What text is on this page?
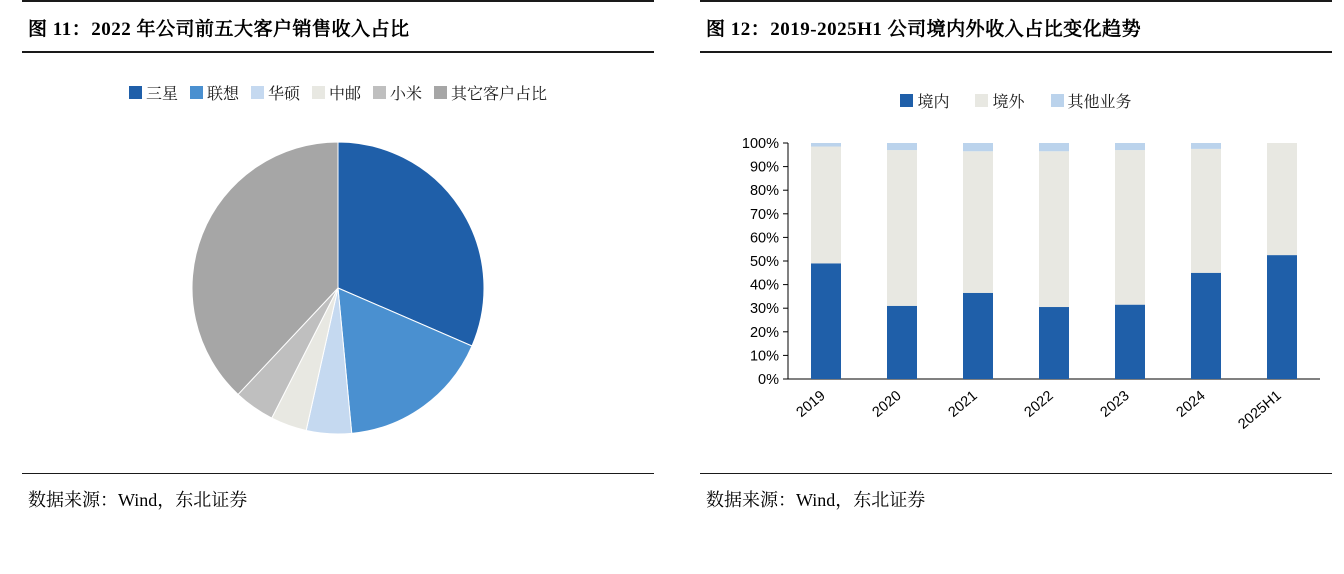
图 11：2022 年公司前五大客户销售收入占比
三星 联想 华硕 中邮 小米 其它客户占比
数据来源：Wind，东北证券
图 12：2019-2025H1 公司境内外收入占比变化趋势
境内	境外	其他业务
0%
10%
20%
30%
40%
50%
60%
70%
80%
90%
100%
2019	2020	2021	2022	2023	2024 2025H1
数据来源：Wind，东北证券
